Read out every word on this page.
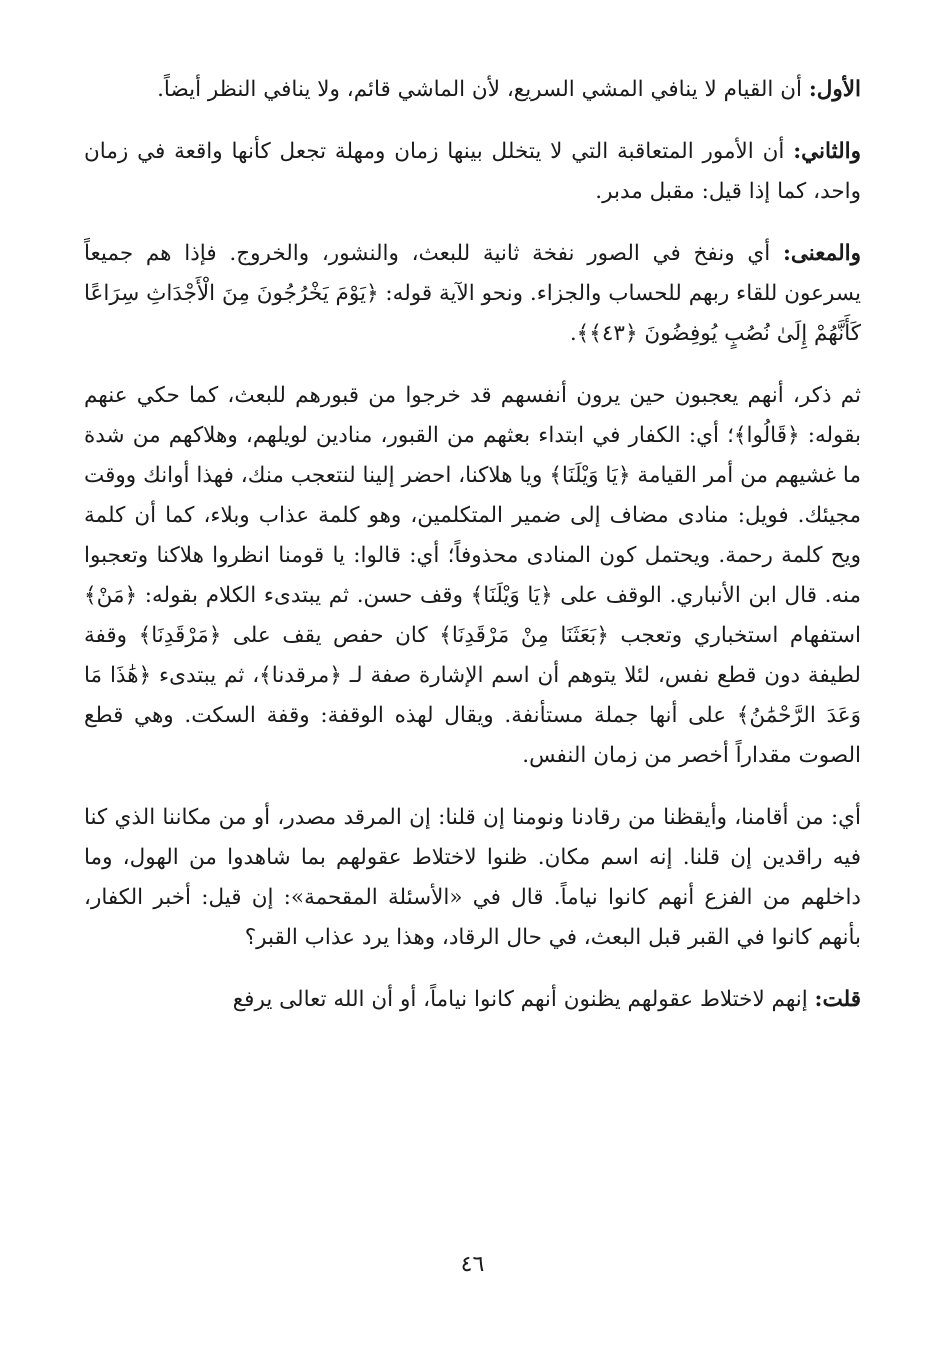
الأول: أن القيام لا ينافي المشي السريع، لأن الماشي قائم، ولا ينافي النظر أيضاً.

والثاني: أن الأمور المتعاقبة التي لا يتخلل بينها زمان ومهلة تجعل كأنها واقعة في زمان واحد، كما إذا قيل: مقبل مدبر.

والمعنى: أي ونفخ في الصور نفخة ثانية للبعث، والنشور، والخروج. فإذا هم جميعاً يسرعون للقاء ربهم للحساب والجزاء. ونحو الآية قوله: ﴿يَوْمَ يَخْرُجُونَ مِنَ الْأَجْدَاثِ سِرَاعًا كَأَنَّهُمْ إِلَىٰ نُصُبٍ يُوفِضُونَ ﴿٤٣﴾﴾.

ثم ذكر، أنهم يعجبون حين يرون أنفسهم قد خرجوا من قبورهم للبعث، كما حكي عنهم بقوله: ﴿قَالُوا﴾؛ أي: الكفار في ابتداء بعثهم من القبور، منادين لويلهم، وهلاكهم من شدة ما غشيهم من أمر القيامة ﴿يَا وَيْلَنَا﴾ ويا هلاكنا، احضر إلينا لنتعجب منك، فهذا أوانك ووقت مجيئك. فويل: منادى مضاف إلى ضمير المتكلمين، وهو كلمة عذاب وبلاء، كما أن كلمة ويح كلمة رحمة. ويحتمل كون المنادى محذوفاً؛ أي: قالوا: يا قومنا انظروا هلاكنا وتعجبوا منه. قال ابن الأنباري. الوقف على ﴿يَا وَيْلَنَا﴾ وقف حسن. ثم يبتدىء الكلام بقوله: ﴿مَنْ﴾ استفهام استخباري وتعجب ﴿بَعَثَنَا مِنْ مَرْقَدِنَا﴾ كان حفص يقف على ﴿مَرْقَدِنَا﴾ وقفة لطيفة دون قطع نفس، لئلا يتوهم أن اسم الإشارة صفة لـ ﴿مرقدنا﴾، ثم يبتدىء ﴿هَٰذَا مَا وَعَدَ الرَّحْمَٰنُ﴾ على أنها جملة مستأنفة. ويقال لهذه الوقفة: وقفة السكت. وهي قطع الصوت مقداراً أخصر من زمان النفس.

أي: من أقامنا، وأيقظنا من رقادنا ونومنا إن قلنا: إن المرقد مصدر، أو من مكاننا الذي كنا فيه راقدين إن قلنا. إنه اسم مكان. ظنوا لاختلاط عقولهم بما شاهدوا من الهول، وما داخلهم من الفزع أنهم كانوا نياماً. قال في «الأسئلة المقحمة»: إن قيل: أخبر الكفار، بأنهم كانوا في القبر قبل البعث، في حال الرقاد، وهذا يرد عذاب القبر؟

قلت: إنهم لاختلاط عقولهم يظنون أنهم كانوا نياماً، أو أن الله تعالى يرفع

٤٦
